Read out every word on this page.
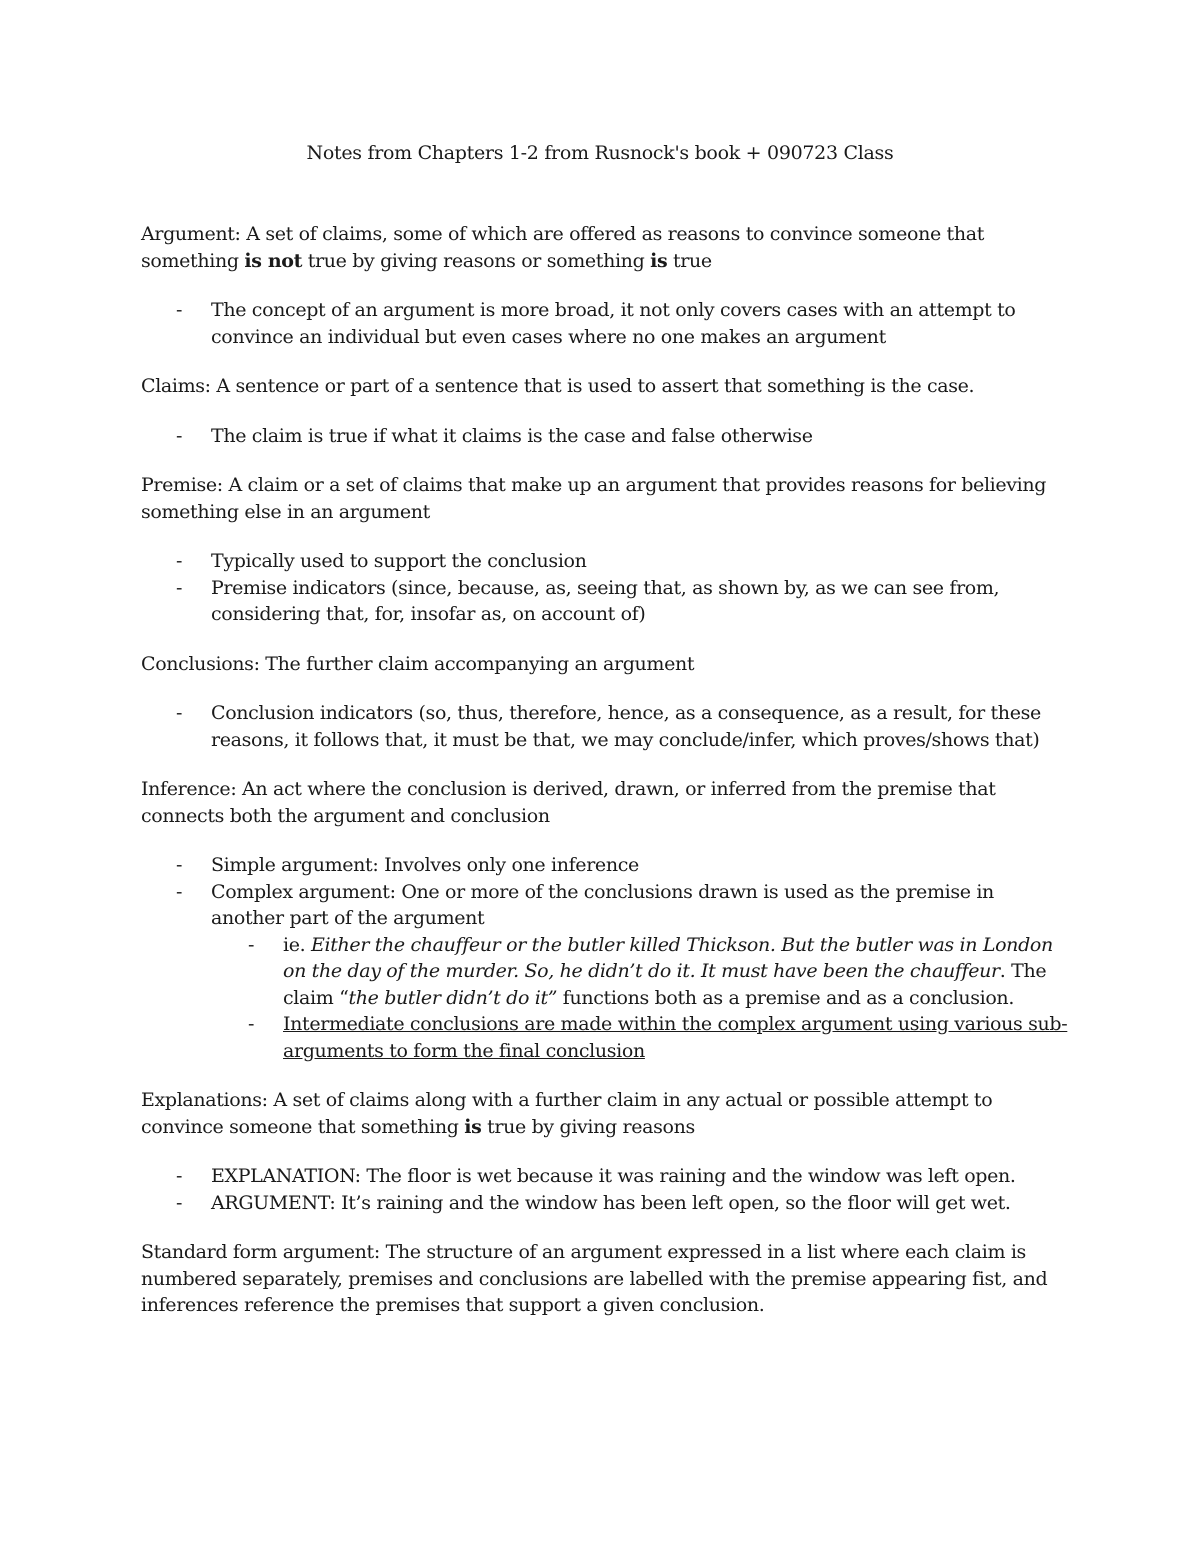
Notes from Chapters 1-2 from Rusnock's book + 090723 Class

Argument: A set of claims, some of which are offered as reasons to convince someone that something is not true by giving reasons or something is true

- The concept of an argument is more broad, it not only covers cases with an attempt to convince an individual but even cases where no one makes an argument

Claims: A sentence or part of a sentence that is used to assert that something is the case.

- The claim is true if what it claims is the case and false otherwise

Premise: A claim or a set of claims that make up an argument that provides reasons for believing something else in an argument

- Typically used to support the conclusion
- Premise indicators (since, because, as, seeing that, as shown by, as we can see from, considering that, for, insofar as, on account of)

Conclusions: The further claim accompanying an argument

- Conclusion indicators (so, thus, therefore, hence, as a consequence, as a result, for these reasons, it follows that, it must be that, we may conclude/infer, which proves/shows that)

Inference: An act where the conclusion is derived, drawn, or inferred from the premise that connects both the argument and conclusion

- Simple argument: Involves only one inference
- Complex argument: One or more of the conclusions drawn is used as the premise in another part of the argument
- ie. Either the chauffeur or the butler killed Thickson. But the butler was in London on the day of the murder. So, he didn’t do it. It must have been the chauffeur. The claim “the butler didn’t do it” functions both as a premise and as a conclusion.
- Intermediate conclusions are made within the complex argument using various sub-arguments to form the final conclusion

Explanations: A set of claims along with a further claim in any actual or possible attempt to convince someone that something is true by giving reasons

- EXPLANATION: The floor is wet because it was raining and the window was left open.
- ARGUMENT: It’s raining and the window has been left open, so the floor will get wet.

Standard form argument: The structure of an argument expressed in a list where each claim is numbered separately, premises and conclusions are labelled with the premise appearing fist, and inferences reference the premises that support a given conclusion.
